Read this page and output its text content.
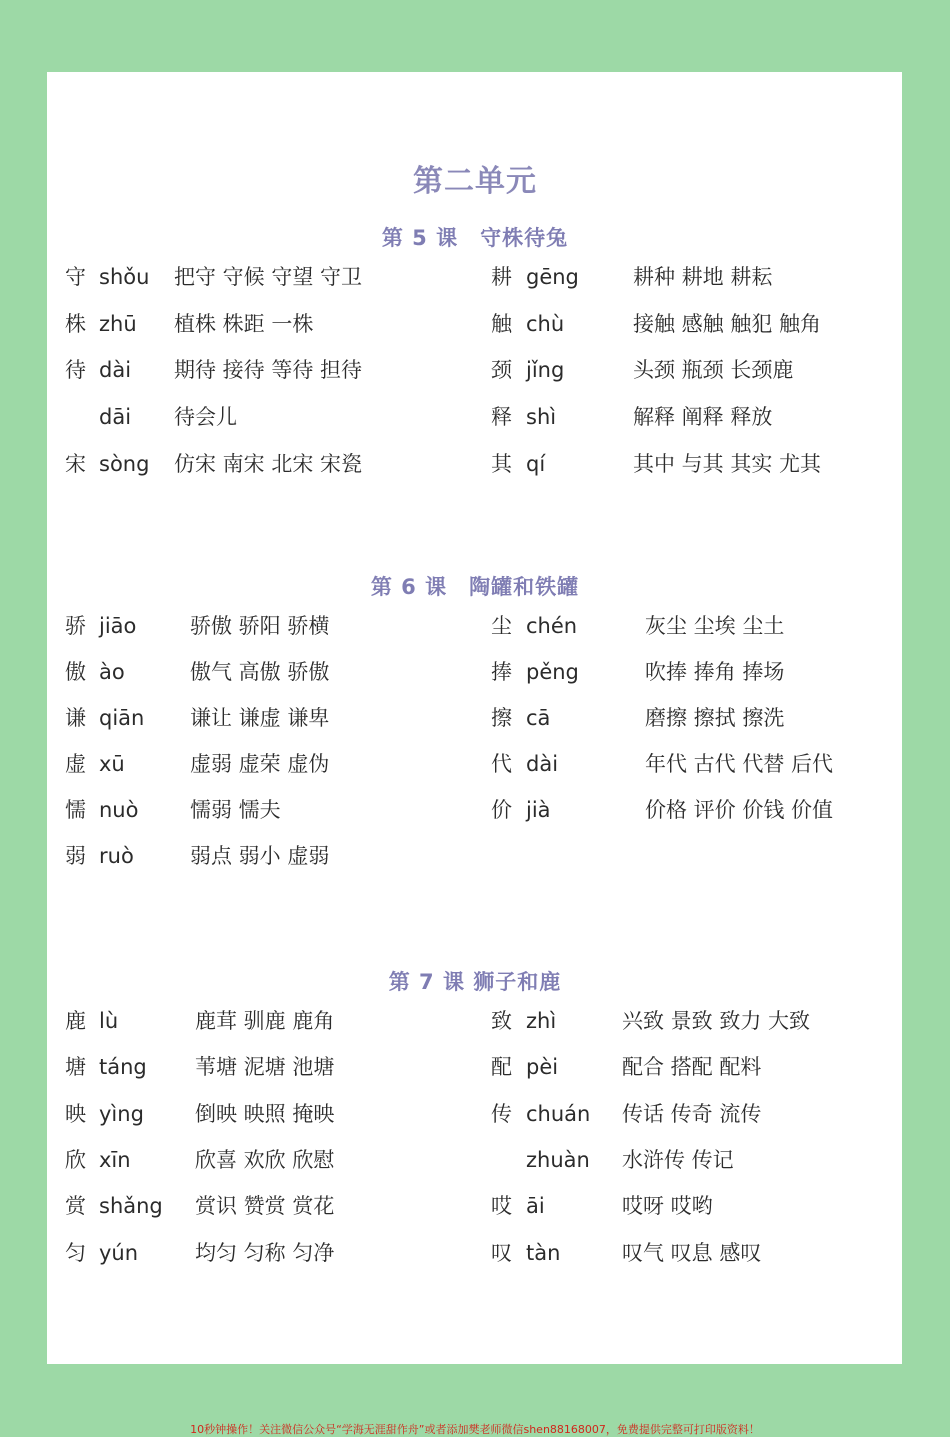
第二单元
第 5 课　守株待兔
守 shǒu 把守 守候 守望 守卫
株 zhū 植株 株距 一株
待 dài 期待 接待 等待 担待
dāi 待会儿
宋 sòng 仿宋 南宋 北宋 宋瓷
耕 gēng	耕种 耕地 耕耘
触 chù	接触 感触 触犯 触角
颈 jǐng	头颈 瓶颈 长颈鹿
释 shì	解释 阐释 释放
其 qí	其中 与其 其实 尤其
第 6 课　陶罐和铁罐
骄 jiāo	骄傲 骄阳 骄横
傲 ào	傲气 高傲 骄傲
谦 qiān 谦让 谦虚 谦卑
虚 xū	虚弱 虚荣 虚伪
懦 nuò 懦弱 懦夫
弱 ruò	弱点 弱小 虚弱
尘 chén	灰尘 尘埃 尘土
捧 pěng	吹捧 捧角 捧场
擦 cā	磨擦 擦拭 擦洗
代 dài	年代 古代 代替 后代
价 jià	价格 评价 价钱 价值
第 7 课 狮子和鹿
鹿 lù	鹿茸 驯鹿 鹿角
塘 táng 苇塘 泥塘 池塘
映 yìng 倒映 映照 掩映
欣 xīn	欣喜 欢欣 欣慰
赏 shǎng 赏识 赞赏 赏花
匀 yún	均匀 匀称 匀净
致 zhì	兴致 景致 致力 大致
配 pèi	配合 搭配 配料
传 chuán 传话 传奇 流传
zhuàn 水浒传 传记
哎 āi	哎呀 哎哟
叹 tàn	叹气 叹息 感叹
10秒钟操作！关注微信公众号“学海无涯甜作舟”或者添加樊老师微信shen88168007，免费提供完整可打印版资料！
